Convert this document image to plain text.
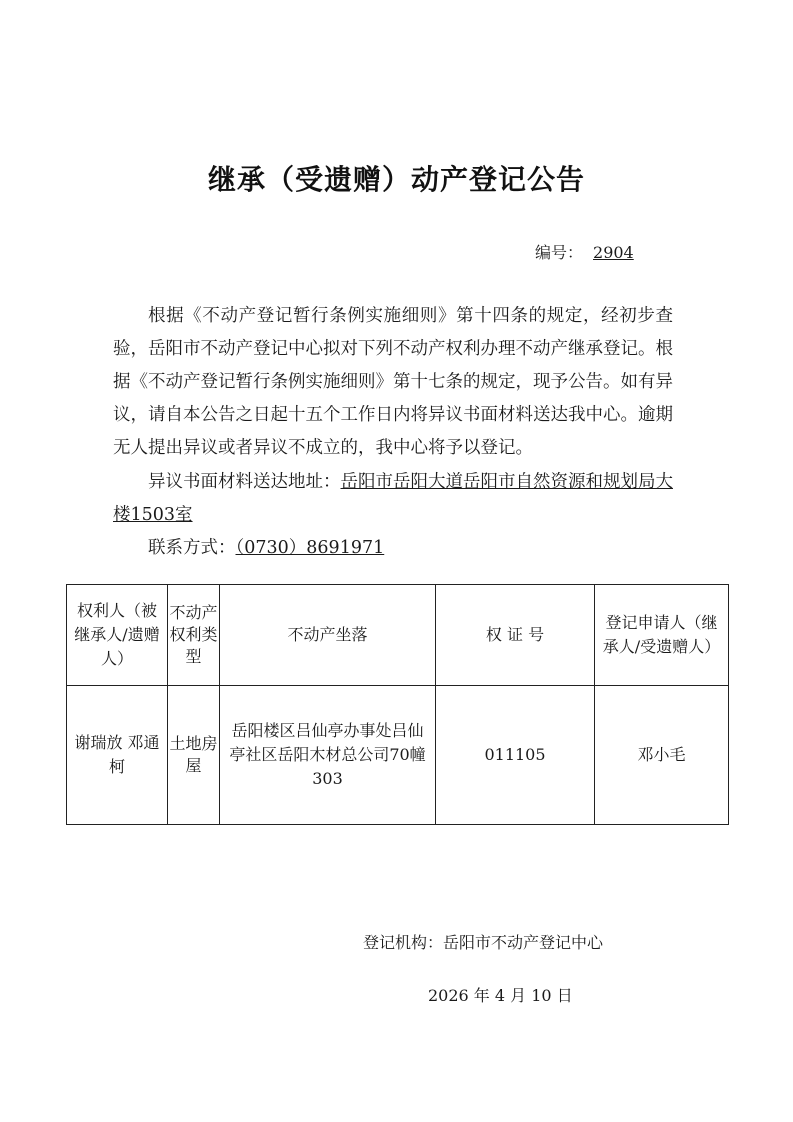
继承（受遗赠）动产登记公告
编号： 2904

根据《不动产登记暂行条例实施细则》第十四条的规定，经初步查验，岳阳市不动产登记中心拟对下列不动产权利办理不动产继承登记。根据《不动产登记暂行条例实施细则》第十七条的规定，现予公告。如有异议，请自本公告之日起十五个工作日内将异议书面材料送达我中心。逾期无人提出异议或者异议不成立的，我中心将予以登记。

异议书面材料送达地址：岳阳市岳阳大道岳阳市自然资源和规划局大楼1503室

联系方式：（0730）8691971

权利人（被继承人/遗赠人）	不动产权利类型	不动产坐落	权 证 号	登记申请人（继承人/受遗赠人）
谢瑞放 邓通柯	土地房屋	岳阳楼区吕仙亭办事处吕仙亭社区岳阳木材总公司70幢303	011105	邓小毛
登记机构：岳阳市不动产登记中心
2026 年 4 月 10 日
